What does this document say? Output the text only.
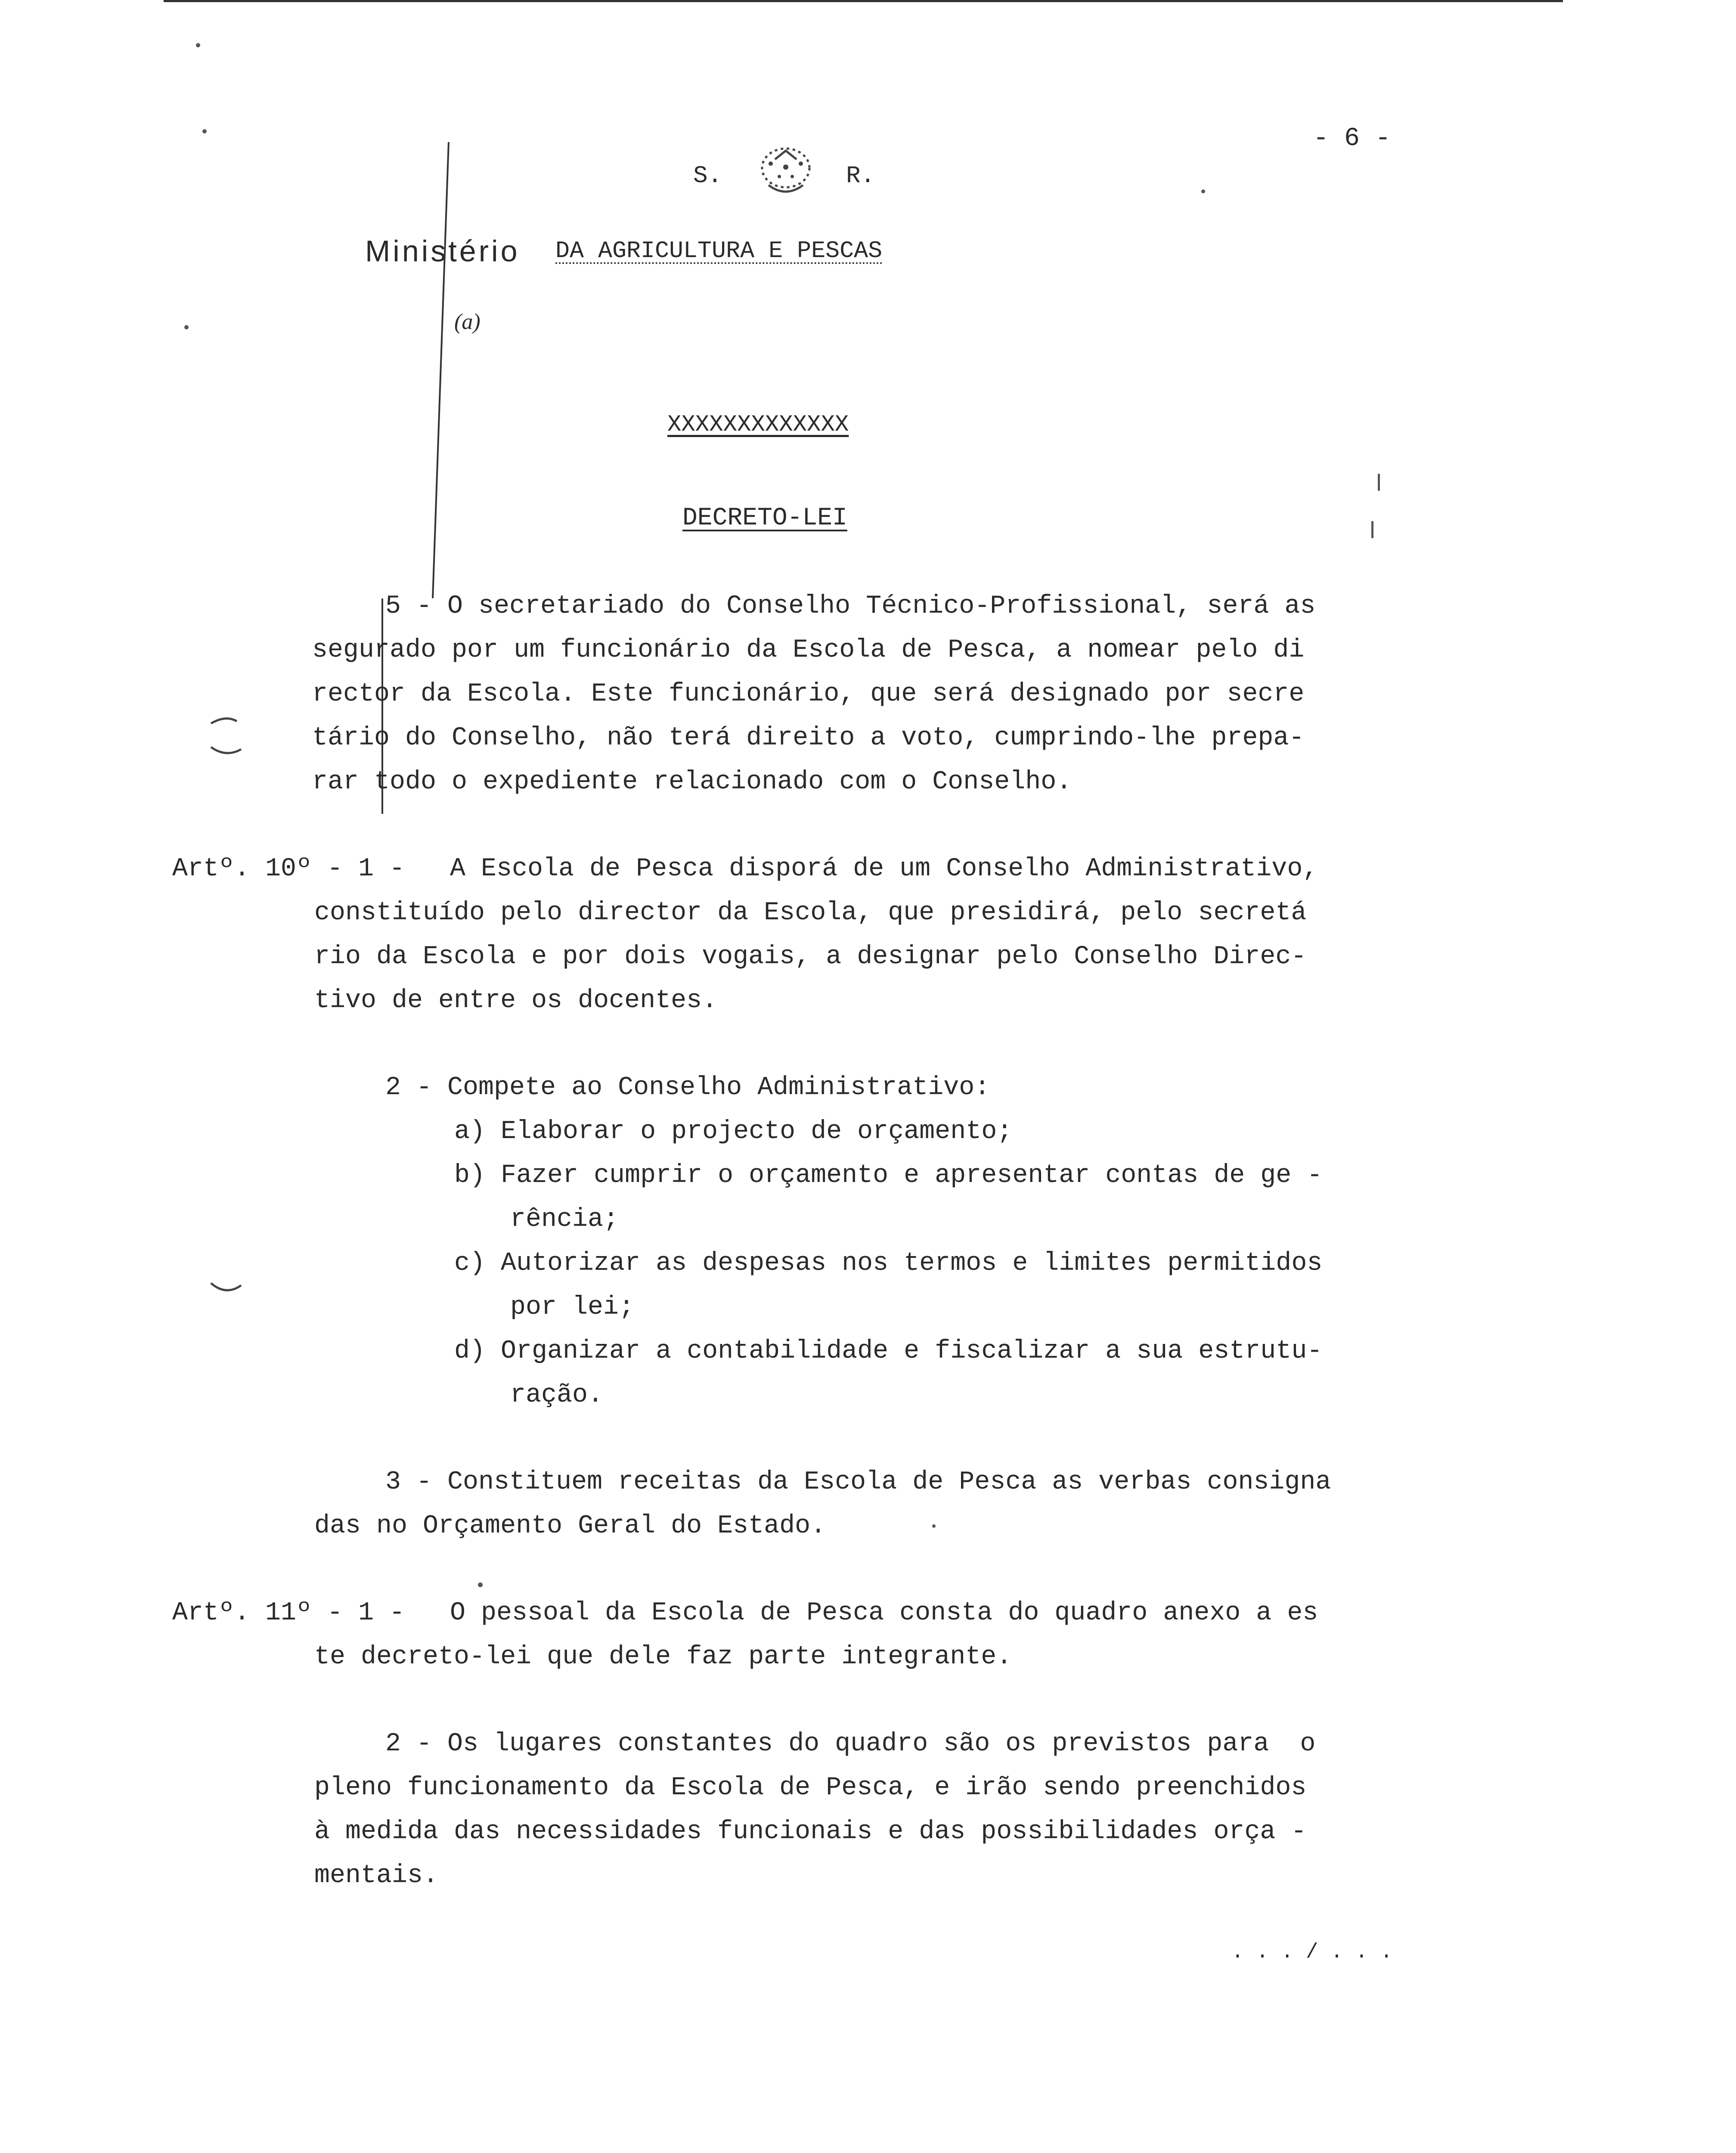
- 6 -
S.	R.
Ministério DA AGRICULTURA E PESCAS
(a)
XXXXXXXXXXXXX
DECRETO-LEI
5 - O secretariado do Conselho Técnico-Profissional, será as
segurado por um funcionário da Escola de Pesca, a nomear pelo di
rector da Escola. Este funcionário, que será designado por secre
tário do Conselho, não terá direito a voto, cumprindo-lhe prepa-
rar todo o expediente relacionado com o Conselho.
Artº. 10º - 1 - A Escola de Pesca disporá de um Conselho Administrativo,
constituído pelo director da Escola, que presidirá, pelo secretá
rio da Escola e por dois vogais, a designar pelo Conselho Direc-
tivo de entre os docentes.
2 - Compete ao Conselho Administrativo:
a) Elaborar o projecto de orçamento;
b) Fazer cumprir o orçamento e apresentar contas de ge -
rência;
c) Autorizar as despesas nos termos e limites permitidos
por lei;
d) Organizar a contabilidade e fiscalizar a sua estrutu-
ração.
3 - Constituem receitas da Escola de Pesca as verbas consigna
das no Orçamento Geral do Estado.
Artº. 11º - 1 - O pessoal da Escola de Pesca consta do quadro anexo a es
te decreto-lei que dele faz parte integrante.
2 - Os lugares constantes do quadro são os previstos para  o
pleno funcionamento da Escola de Pesca, e irão sendo preenchidos
à medida das necessidades funcionais e das possibilidades orça -
mentais.
. . . / . . .
